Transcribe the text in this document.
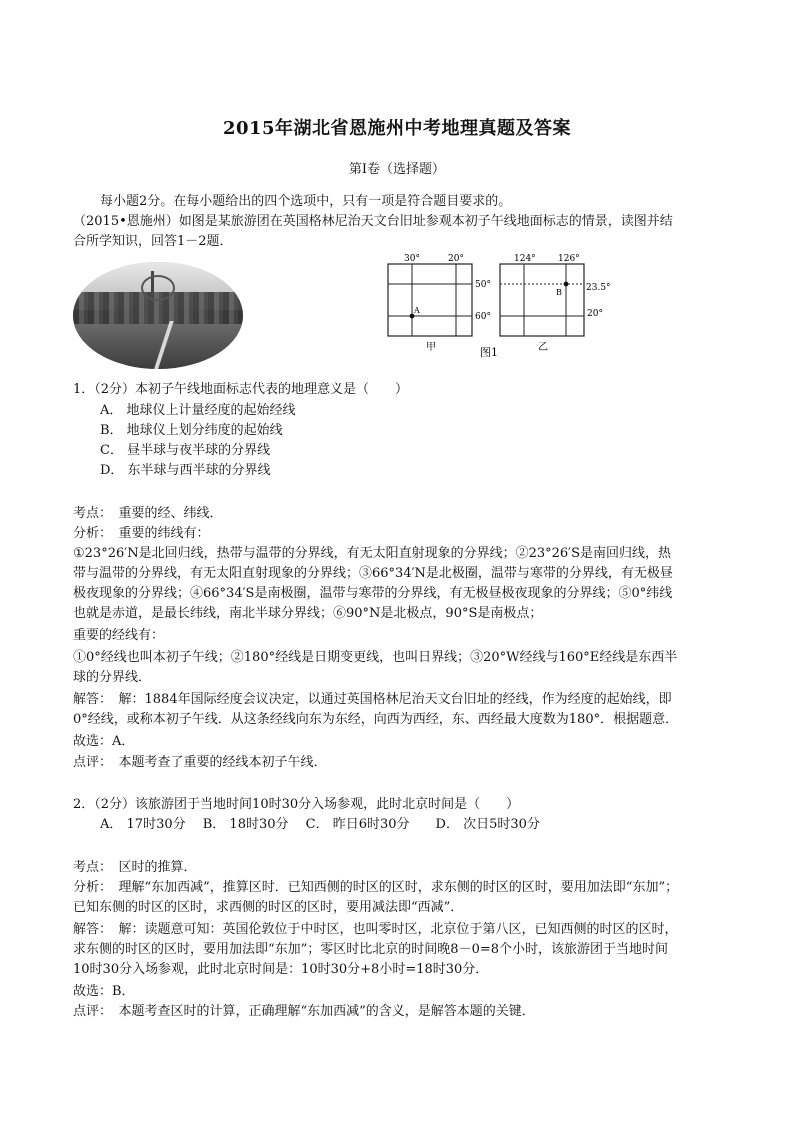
2015年湖北省恩施州中考地理真题及答案
第Ⅰ卷（选择题）
每小题2分。在每小题给出的四个选项中，只有一项是符合题目要求的。
（2015•恩施州）如图是某旅游团在英国格林尼治天文台旧址参观本初子午线地面标志的情景，读图并结
合所学知识，回答1－2题．
A
30°	20°
50°
60°
甲
B
124° 126°
23.5°
20°
乙
图1
1．（2分）本初子午线地面标志代表的地理意义是（　　）
A． 地球仪上计量经度的起始经线
B． 地球仪上划分纬度的起始线
C． 昼半球与夜半球的分界线
D． 东半球与西半球的分界线
考点：　重要的经、纬线．
分析：　重要的纬线有：
①23°26′N是北回归线，热带与温带的分界线，有无太阳直射现象的分界线；②23°26′S是南回归线，热
带与温带的分界线，有无太阳直射现象的分界线；③66°34′N是北极圈，温带与寒带的分界线，有无极昼
极夜现象的分界线；④66°34′S是南极圈，温带与寒带的分界线，有无极昼极夜现象的分界线；⑤0°纬线
也就是赤道，是最长纬线，南北半球分界线；⑥90°N是北极点，90°S是南极点；
重要的经线有：
①0°经线也叫本初子午线；②180°经线是日期变更线，也叫日界线；③20°W经线与160°E经线是东西半
球的分界线．
解答：　解：1884年国际经度会议决定，以通过英国格林尼治天文台旧址的经线，作为经度的起始线，即
0°经线，或称本初子午线．从这条经线向东为东经，向西为西经，东、西经最大度数为180°．根据题意．
故选：A．
点评：　本题考查了重要的经线本初子午线．
2．（2分）该旅游团于当地时间10时30分入场参观，此时北京时间是（　　）
A． 17时30分　 B． 18时30分　 C． 昨日6时30分　　D． 次日5时30分
考点：　区时的推算．
分析：　理解“东加西减”，推算区时．已知西侧的时区的区时，求东侧的时区的区时，要用加法即“东加”；
已知东侧的时区的区时，求西侧的时区的区时，要用减法即“西减”．
解答：　解：读题意可知：英国伦敦位于中时区，也叫零时区，北京位于第八区，已知西侧的时区的区时，
求东侧的时区的区时，要用加法即“东加”；零区时比北京的时间晚8－0=8个小时，该旅游团于当地时间
10时30分入场参观，此时北京时间是：10时30分+8小时=18时30分．
故选：B．
点评：　本题考查区时的计算，正确理解“东加西减”的含义，是解答本题的关键．
